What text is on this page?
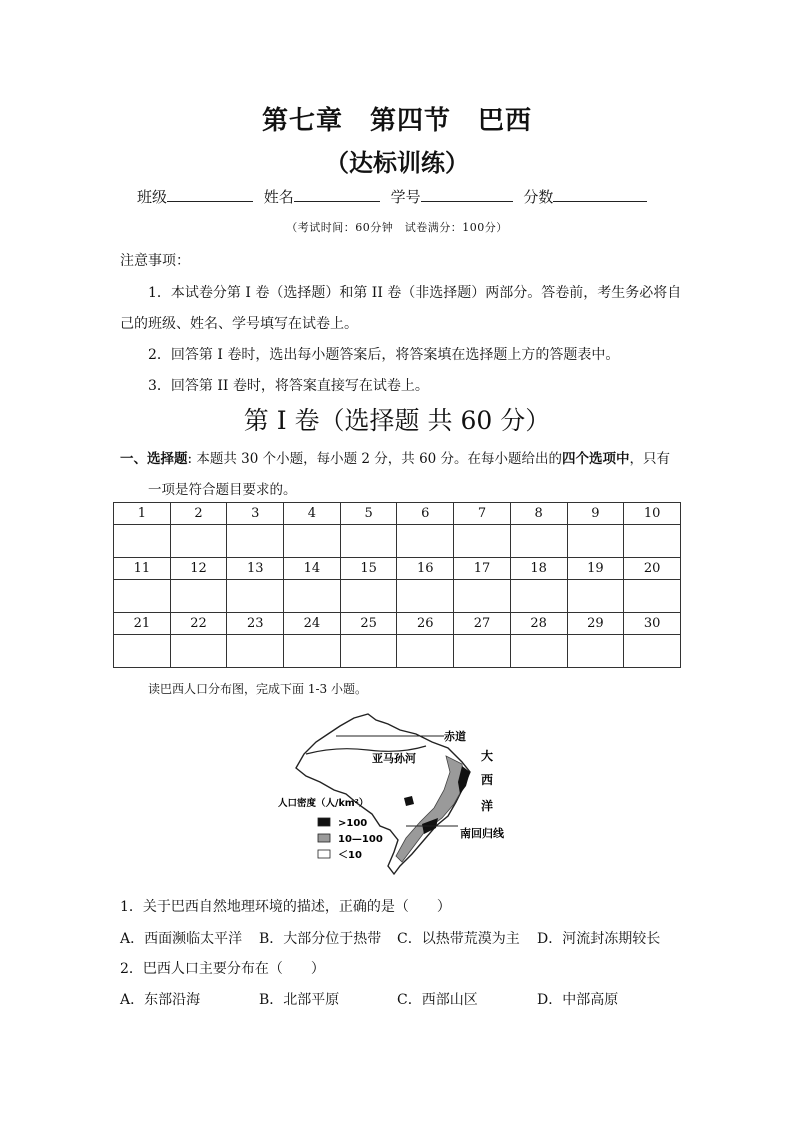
第七章　第四节　巴西
（达标训练）
班级	姓名	学号	分数
（考试时间：60分钟　试卷满分：100分）
注意事项：
1．本试卷分第 I 卷（选择题）和第 II 卷（非选择题）两部分。答卷前，考生务必将自
己的班级、姓名、学号填写在试卷上。
2．回答第 I 卷时，选出每小题答案后，将答案填在选择题上方的答题表中。
3．回答第 II 卷时，将答案直接写在试卷上。
第 I 卷（选择题 共 60 分）
一、选择题: 本题共 30 个小题，每小题 2 分，共 60 分。在每小题给出的四个选项中，只有
一项是符合题目要求的。
1	2	3	4	5	6	7	8	9	10

11	12	13	14	15	16	17	18	19	20

21	22	23	24	25	26	27	28	29	30

读巴西人口分布图，完成下面 1-3 小题。
赤道
亚马孙河	大
西
洋
人口密度（人/km²）
>100
10—100
＜10
南回归线
1．关于巴西自然地理环境的描述，正确的是（　　）
A．西面濒临太平洋 B．大部分位于热带 C．以热带荒漠为主 D．河流封冻期较长
2．巴西人口主要分布在（　　）
A．东部沿海	B．北部平原	C．西部山区	D．中部高原
